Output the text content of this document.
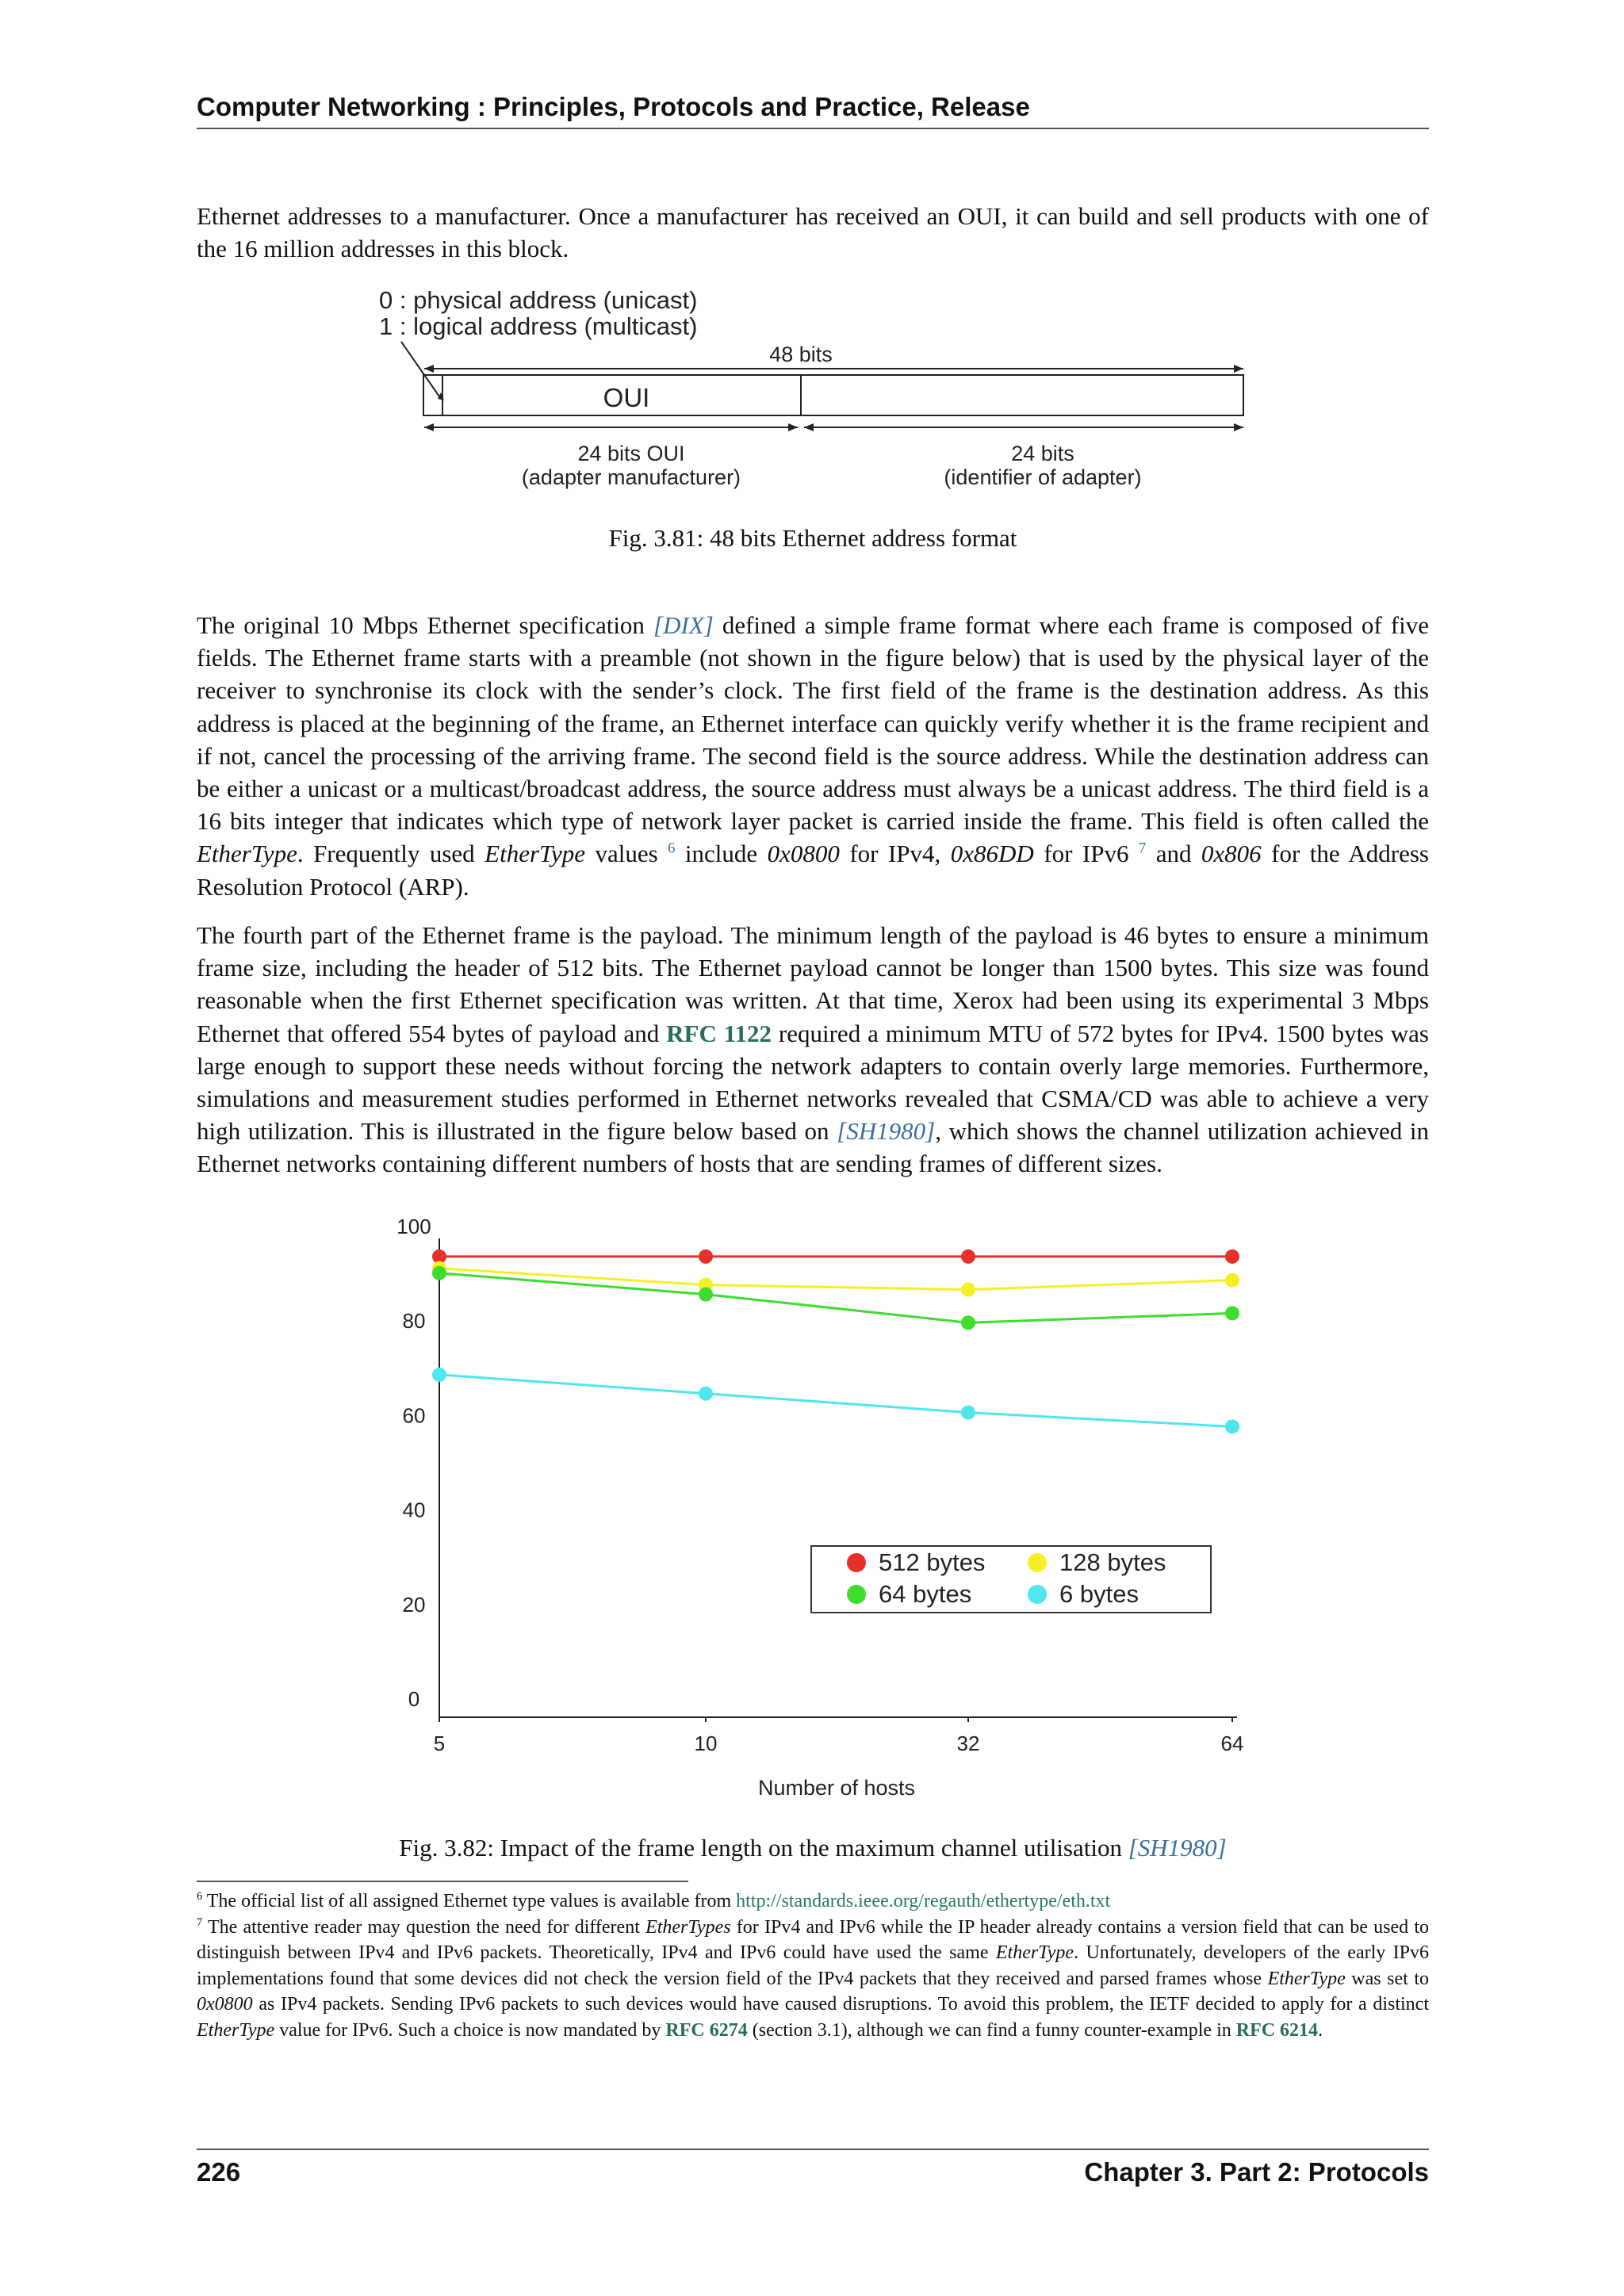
Computer Networking : Principles, Protocols and Practice, Release
Ethernet addresses to a manufacturer. Once a manufacturer has received an OUI, it can build and sell products with one of the 16 million addresses in this block.
0 : physical address (unicast)
1 : logical address (multicast)
48 bits
OUI
24 bits OUI
(adapter manufacturer)
24 bits
(identifier of adapter)
Fig. 3.81: 48 bits Ethernet address format
The original 10 Mbps Ethernet specification [DIX] defined a simple frame format where each frame is composed of five fields. The Ethernet frame starts with a preamble (not shown in the figure below) that is used by the physical layer of the receiver to synchronise its clock with the sender’s clock. The first field of the frame is the destination address. As this address is placed at the beginning of the frame, an Ethernet interface can quickly verify whether it is the frame recipient and if not, cancel the processing of the arriving frame. The second field is the source address. While the destination address can be either a unicast or a multicast/broadcast address, the source address must always be a unicast address. The third field is a 16 bits integer that indicates which type of network layer packet is carried inside the frame. This field is often called the EtherType. Frequently used EtherType values $^6$ include 0x0800 for IPv4, 0x86DD for IPv6 $^7$ and 0x806 for the Address Resolution Protocol (ARP).
The fourth part of the Ethernet frame is the payload. The minimum length of the payload is 46 bytes to ensure a minimum frame size, including the header of 512 bits. The Ethernet payload cannot be longer than 1500 bytes. This size was found reasonable when the first Ethernet specification was written. At that time, Xerox had been using its experimental 3 Mbps Ethernet that offered 554 bytes of payload and RFC 1122 required a minimum MTU of 572 bytes for IPv4. 1500 bytes was large enough to support these needs without forcing the network adapters to contain overly large memories. Furthermore, simulations and measurement studies performed in Ethernet networks revealed that CSMA/CD was able to achieve a very high utilization. This is illustrated in the figure below based on [SH1980], which shows the channel utilization achieved in Ethernet networks containing different numbers of hosts that are sending frames of different sizes.
0
20
40
60
80
100
5	10	32	64
Number of hosts
512 bytes	128 bytes
64 bytes	6 bytes
Fig. 3.82: Impact of the frame length on the maximum channel utilisation [SH1980]
$^6$ The official list of all assigned Ethernet type values is available from http://standards.ieee.org/regauth/ethertype/eth.txt
$^7$ The attentive reader may question the need for different EtherTypes for IPv4 and IPv6 while the IP header already contains a version field that can be used to distinguish between IPv4 and IPv6 packets. Theoretically, IPv4 and IPv6 could have used the same EtherType. Unfortunately, developers of the early IPv6 implementations found that some devices did not check the version field of the IPv4 packets that they received and parsed frames whose EtherType was set to 0x0800 as IPv4 packets. Sending IPv6 packets to such devices would have caused disruptions. To avoid this problem, the IETF decided to apply for a distinct EtherType value for IPv6. Such a choice is now mandated by RFC 6274 (section 3.1), although we can find a funny counter-example in RFC 6214.
226	Chapter 3. Part 2: Protocols
